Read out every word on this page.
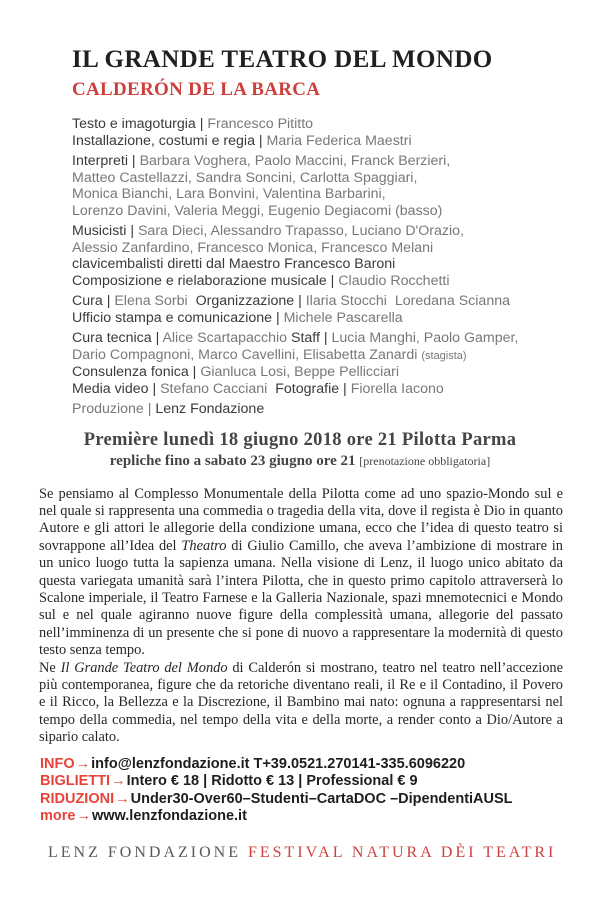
IL GRANDE TEATRO DEL MONDO
CALDERÓN DE LA BARCA
Testo e imagoturgia | Francesco Pititto
Installazione, costumi e regia | Maria Federica Maestri
Interpreti | Barbara Voghera, Paolo Maccini, Franck Berzieri,
Matteo Castellazzi, Sandra Soncini, Carlotta Spaggiari,
Monica Bianchi, Lara Bonvini, Valentina Barbarini,
Lorenzo Davini, Valeria Meggi, Eugenio Degiacomi (basso)
Musicisti | Sara Dieci, Alessandro Trapasso, Luciano D'Orazio,
Alessio Zanfardino, Francesco Monica, Francesco Melani
clavicembalisti diretti dal Maestro Francesco Baroni
Composizione e rielaborazione musicale | Claudio Rocchetti
Cura | Elena Sorbi  Organizzazione | Ilaria Stocchi  Loredana Scianna
Ufficio stampa e comunicazione | Michele Pascarella
Cura tecnica | Alice Scartapacchio Staff | Lucia Manghi, Paolo Gamper,
Dario Compagnoni, Marco Cavellini, Elisabetta Zanardi (stagista)
Consulenza fonica | Gianluca Losi, Beppe Pellicciari
Media video | Stefano Cacciani  Fotografie | Fiorella Iacono
Produzione | Lenz Fondazione
Première lunedì 18 giugno 2018 ore 21 Pilotta Parma
repliche fino a sabato 23 giugno ore 21 [prenotazione obbligatoria]

Se pensiamo al Complesso Monumentale della Pilotta come ad uno spazio-Mondo sul e nel quale si rappresenta una commedia o tragedia della vita, dove il regista è Dio in quanto Autore e gli attori le allegorie della condizione umana, ecco che l’idea di questo teatro si sovrappone all’Idea del Theatro di Giulio Camillo, che aveva l’ambizione di mostrare in un unico luogo tutta la sapienza umana. Nella visione di Lenz, il luogo unico abitato da questa variegata umanità sarà l’intera Pilotta, che in questo primo capitolo attraverserà lo Scalone imperiale, il Teatro Farnese e la Galleria Nazionale, spazi mnemotecnici e Mondo sul e nel quale agiranno nuove figure della complessità umana, allegorie del passato nell’imminenza di un presente che si pone di nuovo a rappresentare la modernità di questo testo senza tempo.

Ne Il Grande Teatro del Mondo di Calderón si mostrano, teatro nel teatro nell’accezione più contemporanea, figure che da retoriche diventano reali, il Re e il Contadino, il Povero e il Ricco, la Bellezza e la Discrezione, il Bambino mai nato: ognuna a rappresentarsi nel tempo della commedia, nel tempo della vita e della morte, a render conto a Dio/Autore a sipario calato.

INFO→info@lenzfondazione.it T+39.0521.270141-335.6096220
BIGLIETTI→Intero € 18 | Ridotto € 13 | Professional € 9
RIDUZIONI→Under30-Over60–Studenti–CartaDOC –DipendentiAUSL
more→www.lenzfondazione.it
LENZ FONDAZIONE FESTIVAL NATURA DÈI TEATRI
